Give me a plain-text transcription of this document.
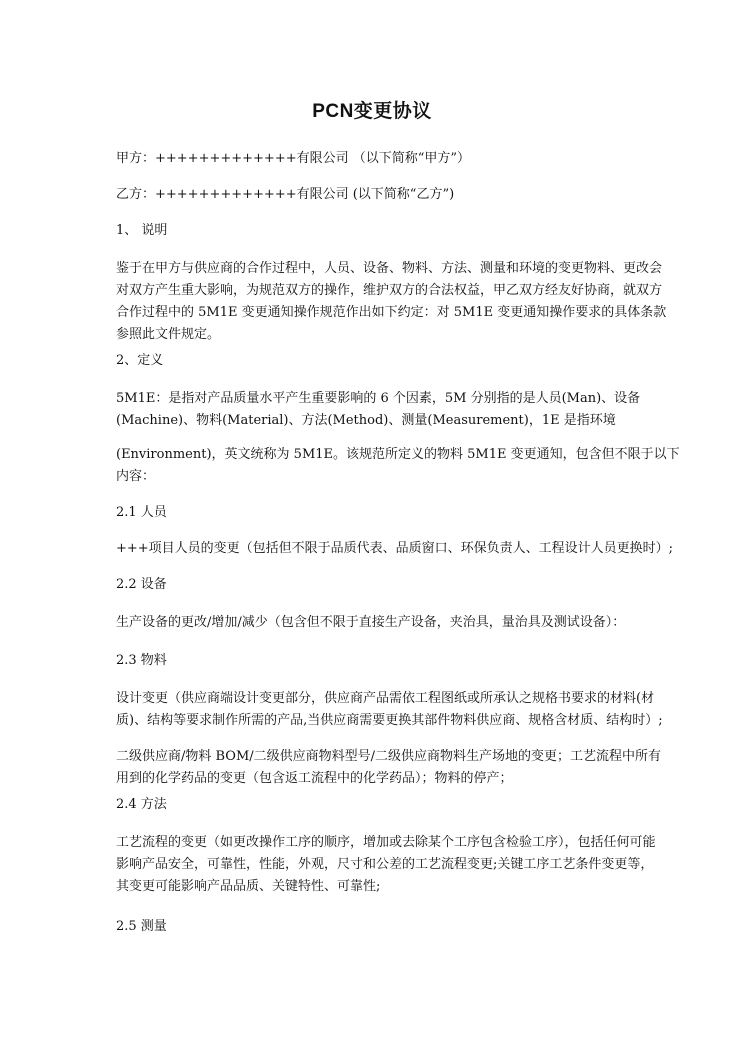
PCN变更协议
甲方：+++++++++++++有限公司 （以下简称“甲方”）
乙方：+++++++++++++有限公司 (以下简称“乙方”)
1、 说明
鉴于在甲方与供应商的合作过程中，人员、设备、物料、方法、测量和环境的变更物料、更改会
对双方产生重大影响，为规范双方的操作，维护双方的合法权益，甲乙双方经友好协商，就双方
合作过程中的 5M1E 变更通知操作规范作出如下约定：对 5M1E 变更通知操作要求的具体条款
参照此文件规定。
2、定义
5M1E：是指对产品质量水平产生重要影响的 6 个因素，5M 分别指的是人员(Man)、设备
(Machine)、物料(Material)、方法(Method)、测量(Measurement)，1E 是指环境
(Environment)，英文统称为 5M1E。该规范所定义的物料 5M1E 变更通知，包含但不限于以下
内容：
2.1 人员
+++项目人员的变更（包括但不限于品质代表、品质窗口、环保负责人、工程设计人员更换时）;
2.2 设备
生产设备的更改/增加/减少（包含但不限于直接生产设备，夹治具，量治具及测试设备）：
2.3 物料
设计变更（供应商端设计变更部分，供应商产品需依工程图纸或所承认之规格书要求的材料(材
质)、结构等要求制作所需的产品,当供应商需要更换其部件物料供应商、规格含材质、结构时）;
二级供应商/物料 BOM/二级供应商物料型号/二级供应商物料生产场地的变更；工艺流程中所有
用到的化学药品的变更（包含返工流程中的化学药品）；物料的停产；
2.4 方法
工艺流程的变更（如更改操作工序的顺序，增加或去除某个工序包含检验工序），包括任何可能
影响产品安全，可靠性，性能，外观，尺寸和公差的工艺流程变更;关键工序工艺条件变更等，
其变更可能影响产品品质、关键特性、可靠性;
2.5 测量
